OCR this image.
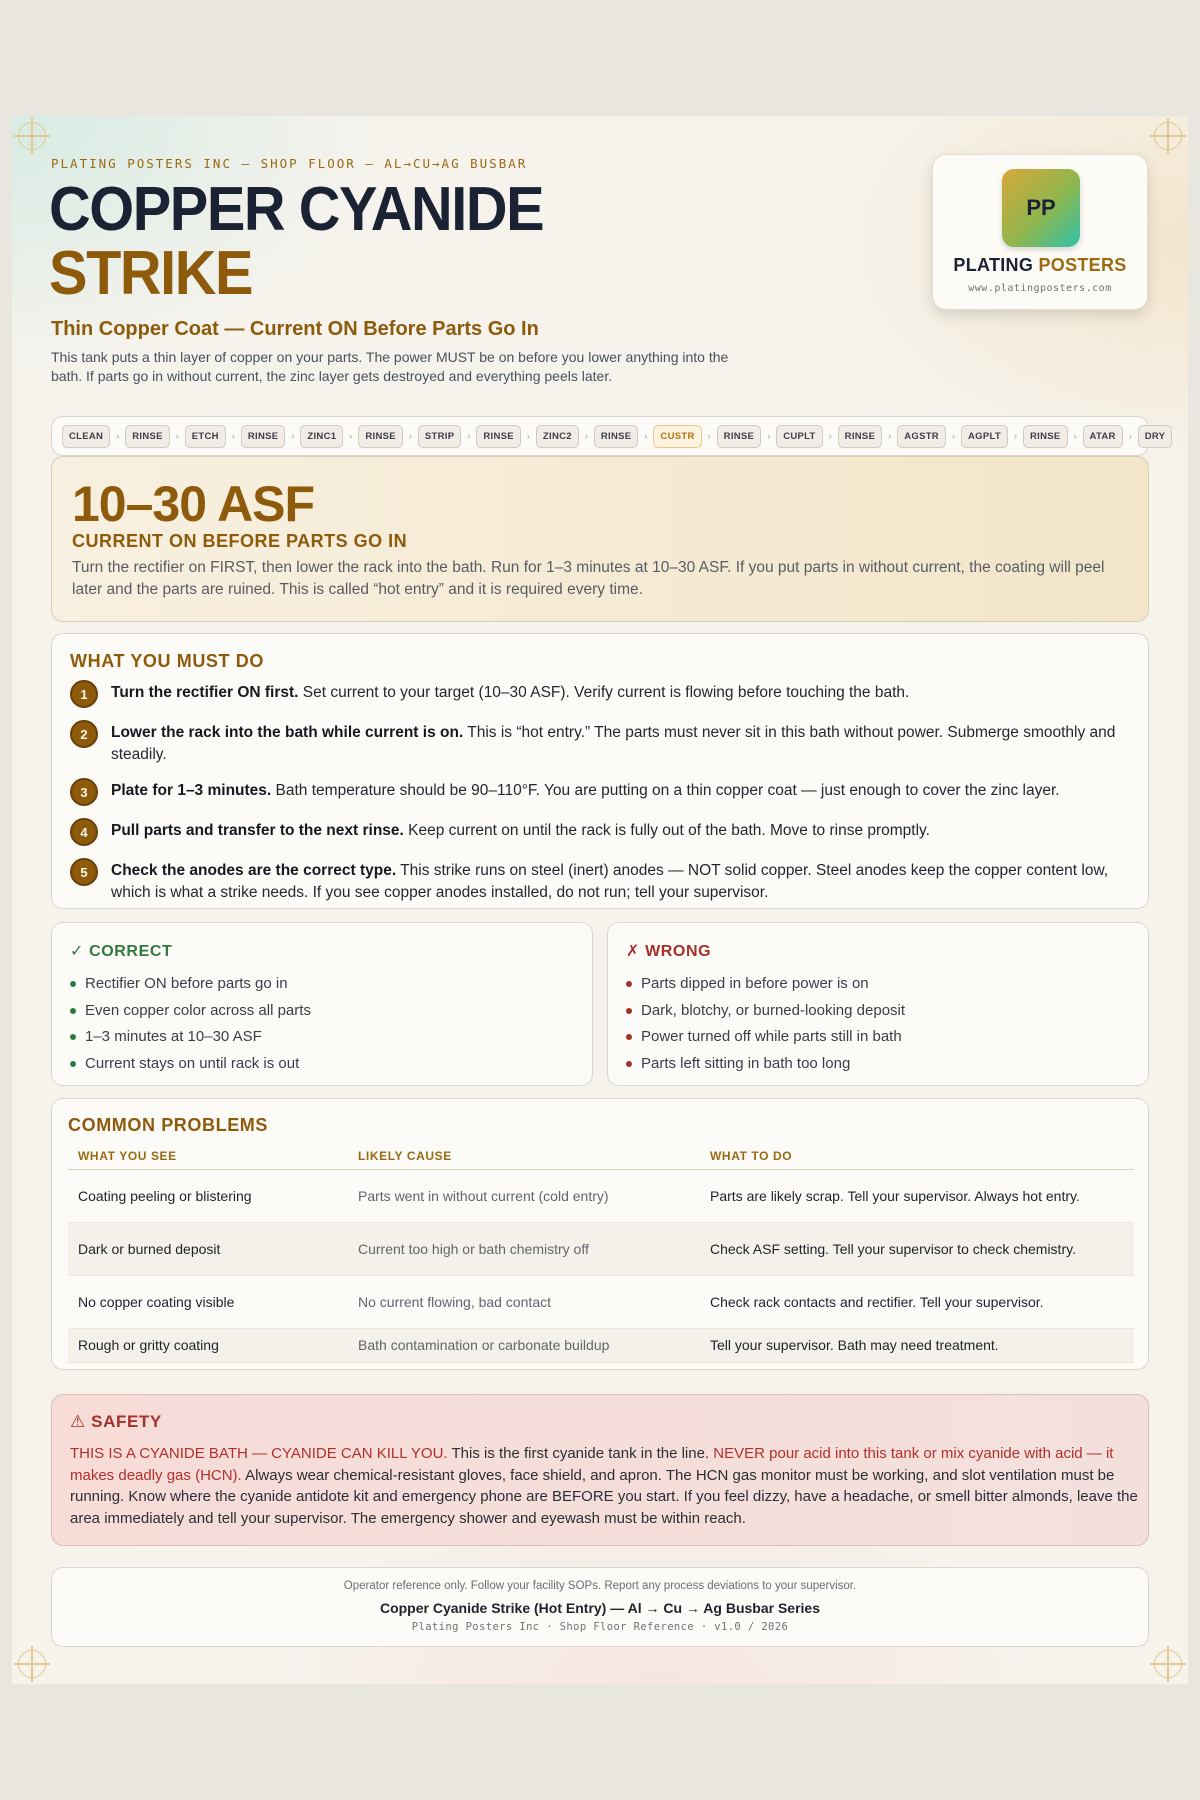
PLATING POSTERS INC — SHOP FLOOR — AL→CU→AG BUSBAR
COPPER CYANIDE
STRIKE
Thin Copper Coat — Current ON Before Parts Go In

This tank puts a thin layer of copper on your parts. The power MUST be on before you lower anything into the bath. If parts go in without current, the zinc layer gets destroyed and everything peels later.

PP
PLATING POSTERS
www.platingposters.com
CLEAN	›	RINSE	›	ETCH	›	RINSE	›	ZINC1	›	RINSE	›	STRIP	›	RINSE	›	ZINC2	›	RINSE	›	CUSTR	›	RINSE	›	CUPLT	›	RINSE	›	AGSTR	›	AGPLT	›	RINSE	›	ATAR	›	DRY
10–30 ASF
CURRENT ON BEFORE PARTS GO IN

Turn the rectifier on FIRST, then lower the rack into the bath. Run for 1–3 minutes at 10–30 ASF. If you put parts in without current, the coating will peel later and the parts are ruined. This is called “hot entry” and it is required every time.

WHAT YOU MUST DO
1	Turn the rectifier ON first. Set current to your target (10–30 ASF). Verify current is flowing before touching the bath.
2	Lower the rack into the bath while current is on. This is “hot entry.” The parts must never sit in this bath without power. Submerge smoothly and steadily.
3	Plate for 1–3 minutes. Bath temperature should be 90–110°F. You are putting on a thin copper coat — just enough to cover the zinc layer.
4	Pull parts and transfer to the next rinse. Keep current on until the rack is fully out of the bath. Move to rinse promptly.
5	Check the anodes are the correct type. This strike runs on steel (inert) anodes — NOT solid copper. Steel anodes keep the copper content low, which is what a strike needs. If you see copper anodes installed, do not run; tell your supervisor.
✓ CORRECT
Rectifier ON before parts go in
Even copper color across all parts
1–3 minutes at 10–30 ASF
Current stays on until rack is out
✗ WRONG
Parts dipped in before power is on
Dark, blotchy, or burned-looking deposit
Power turned off while parts still in bath
Parts left sitting in bath too long
COMMON PROBLEMS
WHAT YOU SEE	LIKELY CAUSE	WHAT TO DO
Coating peeling or blistering	Parts went in without current (cold entry)	Parts are likely scrap. Tell your supervisor. Always hot entry.
Dark or burned deposit	Current too high or bath chemistry off	Check ASF setting. Tell your supervisor to check chemistry.
No copper coating visible	No current flowing, bad contact	Check rack contacts and rectifier. Tell your supervisor.
Rough or gritty coating	Bath contamination or carbonate buildup	Tell your supervisor. Bath may need treatment.
⚠ SAFETY

THIS IS A CYANIDE BATH — CYANIDE CAN KILL YOU. This is the first cyanide tank in the line. NEVER pour acid into this tank or mix cyanide with acid — it makes deadly gas (HCN). Always wear chemical-resistant gloves, face shield, and apron. The HCN gas monitor must be working, and slot ventilation must be running. Know where the cyanide antidote kit and emergency phone are BEFORE you start. If you feel dizzy, have a headache, or smell bitter almonds, leave the area immediately and tell your supervisor. The emergency shower and eyewash must be within reach.

Operator reference only. Follow your facility SOPs. Report any process deviations to your supervisor.
Copper Cyanide Strike (Hot Entry) — Al → Cu → Ag Busbar Series
Plating Posters Inc · Shop Floor Reference · v1.0 / 2026
